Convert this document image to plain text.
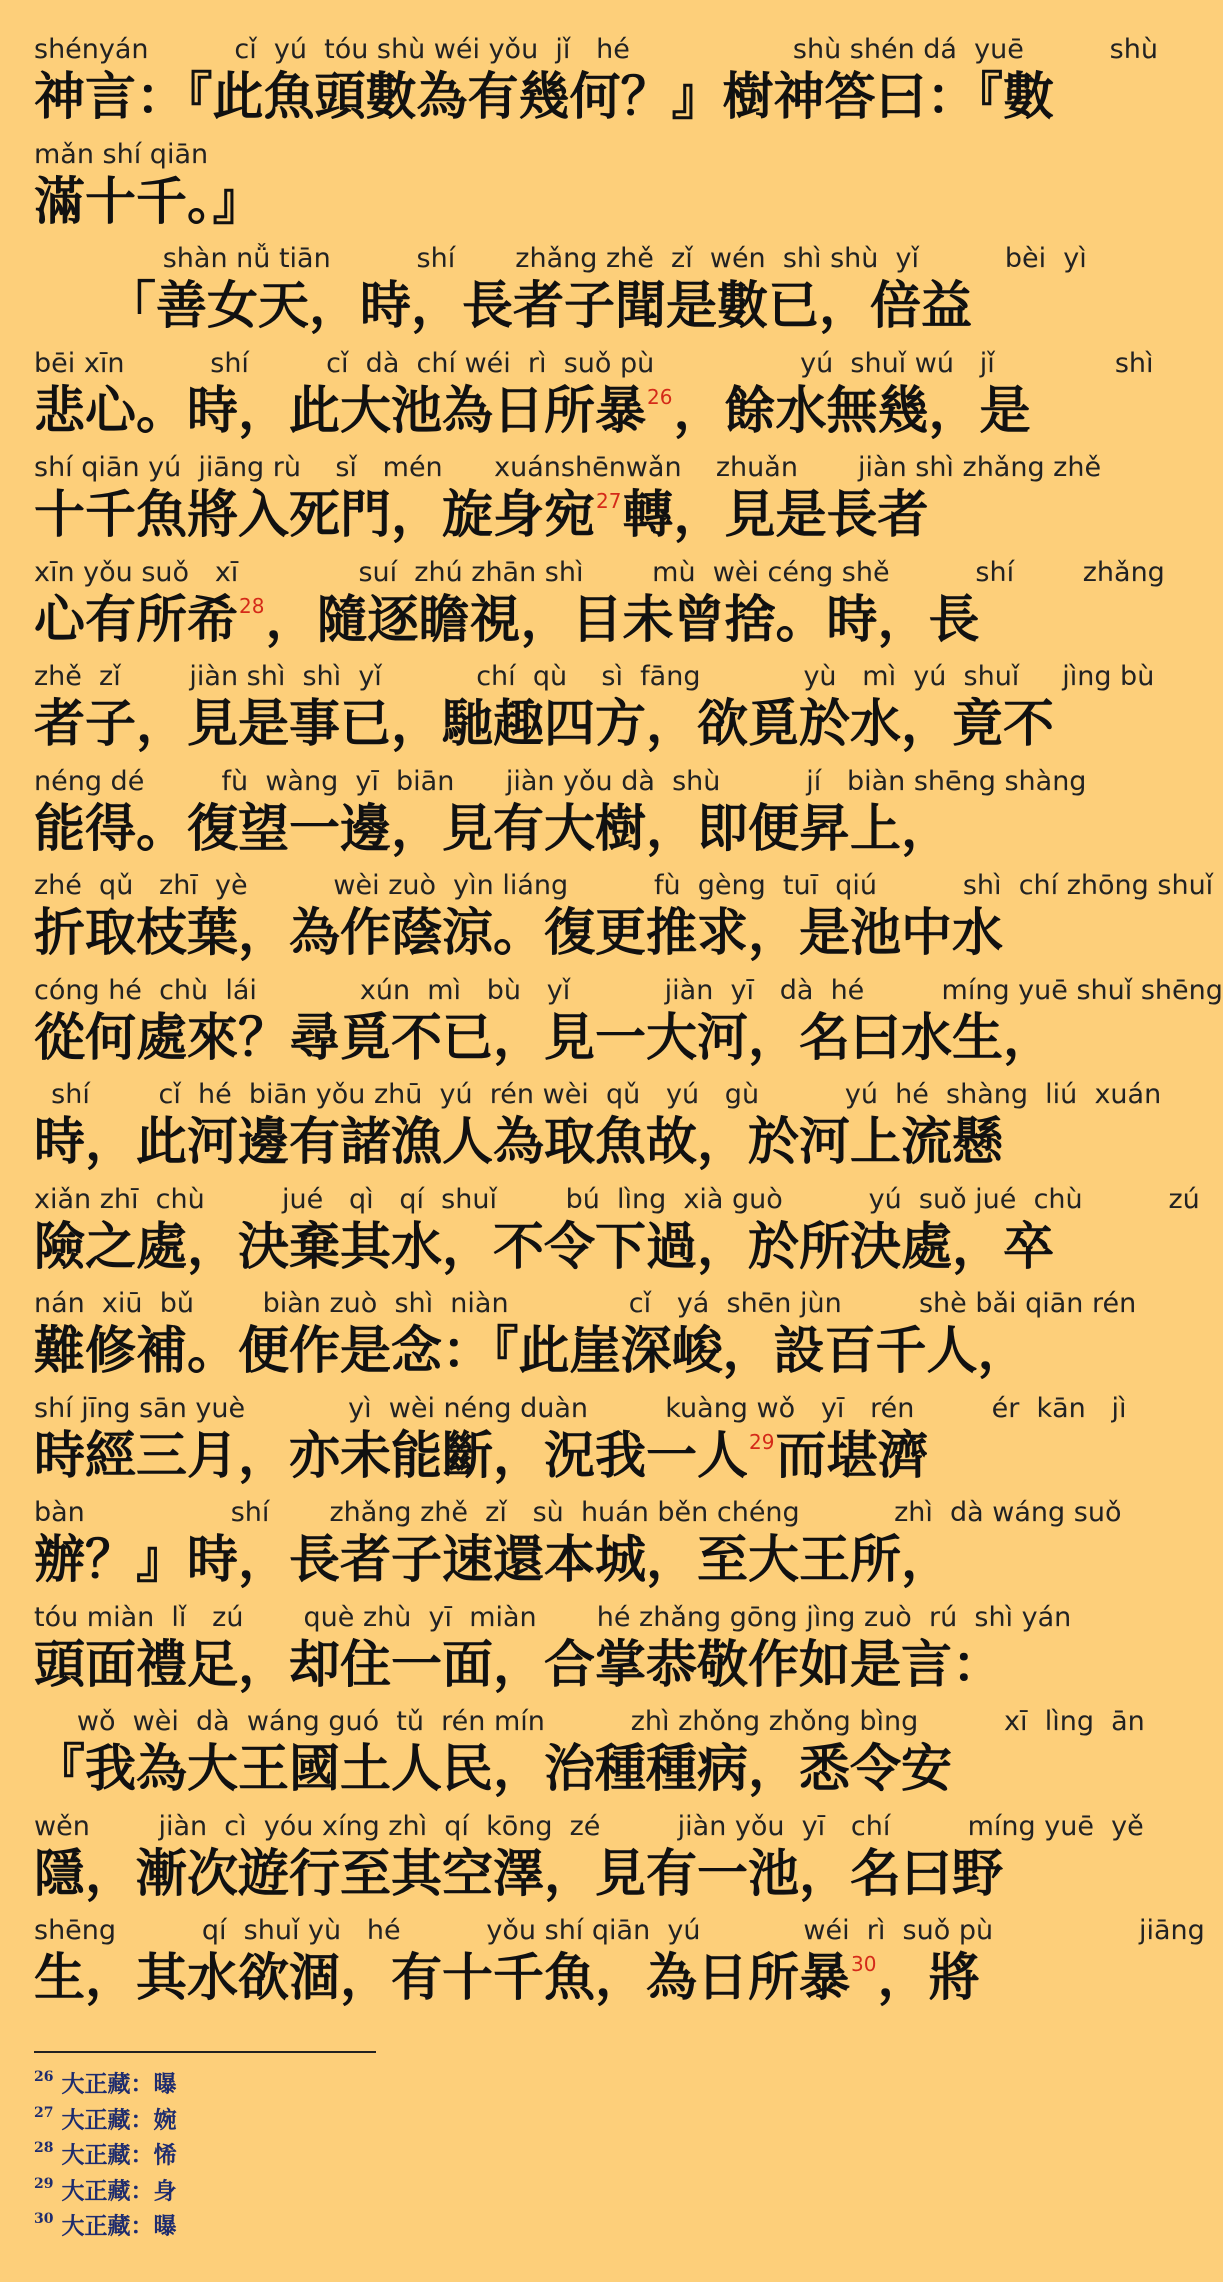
shényán          cǐ  yú  tóu shù wéi yǒu  jǐ   hé                   shù shén dá  yuē          shù
神言：『此魚頭數為有幾何？』樹神答曰：『數
mǎn shí qiān
滿十千。』
shàn nǚ tiān          shí       zhǎng zhě  zǐ  wén  shì shù  yǐ          bèi  yì
「善女天，時，長者子聞是數已，倍益
bēi xīn          shí         cǐ  dà  chí wéi  rì  suǒ pù                 yú  shuǐ wú   jǐ              shì
悲心。時，此大池為日所暴$^{26}$，餘水無幾，是
shí qiān yú  jiāng rù    sǐ   mén      xuánshēnwǎn    zhuǎn       jiàn shì zhǎng zhě
十千魚將入死門，旋身宛$^{27}$轉，見是長者
xīn yǒu suǒ   xī              suí  zhú zhān shì        mù  wèi céng shě          shí        zhǎng
心有所希$^{28}$，隨逐瞻視，目未曾捨。時，長
zhě  zǐ        jiàn shì  shì  yǐ           chí  qù    sì  fāng            yù   mì  yú  shuǐ     jìng bù
者子，見是事已，馳趣四方，欲覓於水，竟不
néng dé         fù  wàng  yī  biān      jiàn yǒu dà  shù          jí   biàn shēng shàng
能得。復望一邊，見有大樹，即便昇上，
zhé  qǔ   zhī  yè          wèi zuò  yìn liáng          fù  gèng  tuī  qiú          shì  chí zhōng shuǐ
折取枝葉，為作蔭涼。復更推求，是池中水
cóng hé  chù  lái            xún  mì   bù   yǐ           jiàn  yī   dà  hé         míng yuē shuǐ shēng
從何處來？尋覓不已，見一大河，名曰水生，
shí        cǐ  hé  biān yǒu zhū  yú  rén wèi  qǔ   yú   gù          yú  hé  shàng  liú  xuán
時，此河邊有諸漁人為取魚故，於河上流懸
xiǎn zhī  chù         jué   qì   qí  shuǐ        bú  lìng  xià guò          yú  suǒ jué  chù          zú
險之處，決棄其水，不令下過，於所決處，卒
nán  xiū  bǔ        biàn zuò  shì  niàn              cǐ   yá  shēn jùn         shè bǎi qiān rén
難修補。便作是念：『此崖深峻，設百千人，
shí jīng sān yuè            yì  wèi néng duàn         kuàng wǒ   yī   rén         ér  kān   jì
時經三月，亦未能斷，況我一人$^{29}$而堪濟
bàn                 shí       zhǎng zhě  zǐ   sù  huán běn chéng           zhì  dà wáng suǒ
辦？』時，長者子速還本城，至大王所，
tóu miàn  lǐ   zú       què zhù  yī  miàn       hé zhǎng gōng jìng zuò  rú  shì yán
頭面禮足，却住一面，合掌恭敬作如是言：
wǒ  wèi  dà  wáng guó  tǔ  rén mín          zhì zhǒng zhǒng bìng          xī  lìng  ān
『我為大王國土人民，治種種病，悉令安
wěn        jiàn  cì  yóu xíng zhì  qí  kōng  zé         jiàn yǒu  yī   chí         míng yuē  yě
隱，漸次遊行至其空澤，見有一池，名曰野
shēng          qí  shuǐ yù   hé          yǒu shí qiān  yú            wéi  rì  suǒ pù                 jiāng
生，其水欲涸，有十千魚，為日所暴$^{30}$，將
$^{26}$ 大正藏：曝
$^{27}$ 大正藏：婉
$^{28}$ 大正藏：悕
$^{29}$ 大正藏：身
$^{30}$ 大正藏：曝
